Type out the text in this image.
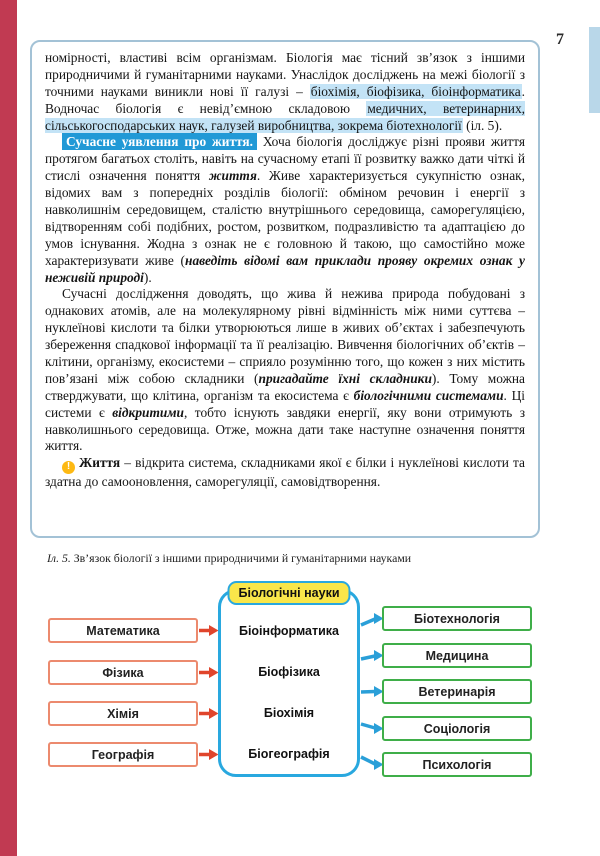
7

номірності, властиві всім організмам. Біологія має тісний зв’язок з іншими природничими й гуманітарними науками. Унаслідок досліджень на межі біології з точними науками виникли нові її галузі – біохімія, біофізика, біоінформатика. Водночас біологія є невід’ємною складовою медичних, ветеринарних, сільськогосподарських наук, галузей виробництва, зокрема біотехнології (іл. 5).

Сучасне уявлення про життя. Хоча біологія досліджує різні прояви життя протягом багатьох століть, навіть на сучасному етапі її розвитку важко дати чіткі й стислі означення поняття життя. Живе характеризується сукупністю ознак, відомих вам з попередніх розділів біології: обміном речовин і енергії з навколишнім середовищем, сталістю внутрішнього середовища, саморегуляцією, відтворенням собі подібних, ростом, розвитком, подразливістю та адаптацією до умов існування. Жодна з ознак не є головною й такою, що самостійно може характеризувати живе (наведіть відомі вам приклади прояву окремих ознак у неживій природі).

Сучасні дослідження доводять, що жива й нежива природа побудовані з однакових атомів, але на молекулярному рівні відмінність між ними суттєва – нуклеїнові кислоти та білки утворюються лише в живих об’єктах і забезпечують збереження спадкової інформації та її реалізацію. Вивчення біологічних об’єктів – клітини, організму, екосистеми – сприяло розумінню того, що кожен з них містить пов’язані між собою складники (пригадайте їхні складники). Тому можна стверджувати, що клітина, організм та екосистема є біологічними системами. Ці системи є відкритими, тобто існують завдяки енергії, яку вони отримують з навколишнього середовища. Отже, можна дати таке наступне означення поняття життя.

! Життя – відкрита система, складниками якої є білки і нуклеїнові кислоти та здатна до самооновлення, саморегуляції, самовідтворення.

Іл. 5. Зв’язок біології з іншими природничими й гуманітарними науками
Біологічні науки
Біоінформатика
Біофізика
Біохімія
Біогеографія
Математика
Фізика
Хімія
Географія
Біотехнологія
Медицина
Ветеринарія
Соціологія
Психологія
